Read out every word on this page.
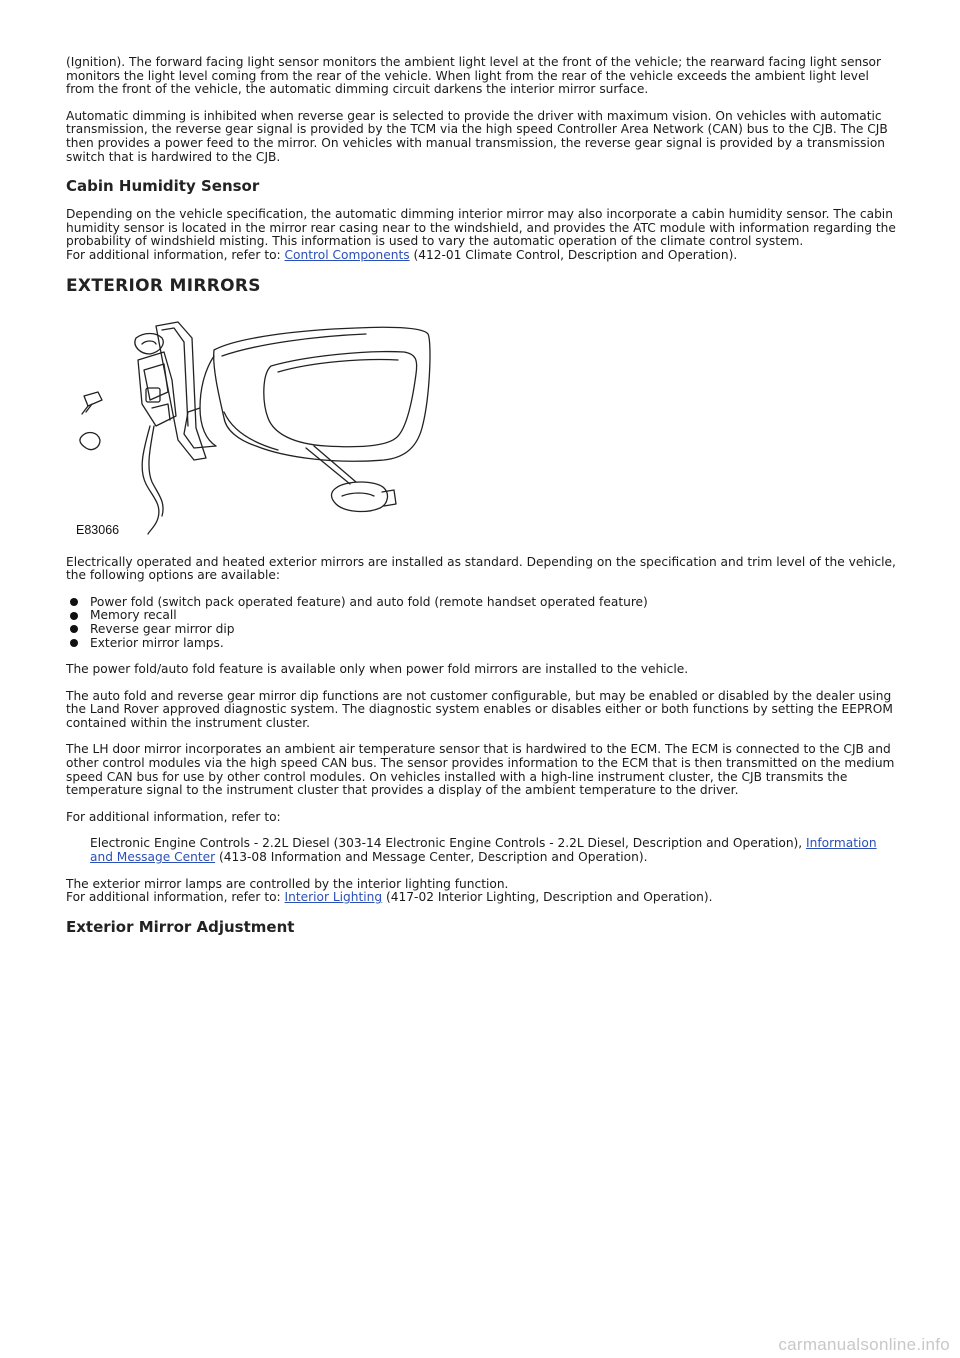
(Ignition). The forward facing light sensor monitors the ambient light level at the front of the vehicle; the rearward facing light sensor monitors the light level coming from the rear of the vehicle. When light from the rear of the vehicle exceeds the ambient light level from the front of the vehicle, the automatic dimming circuit darkens the interior mirror surface.

Automatic dimming is inhibited when reverse gear is selected to provide the driver with maximum vision. On vehicles with automatic transmission, the reverse gear signal is provided by the TCM via the high speed Controller Area Network (CAN) bus to the CJB. The CJB then provides a power feed to the mirror. On vehicles with manual transmission, the reverse gear signal is provided by a transmission switch that is hardwired to the CJB.

Cabin Humidity Sensor

Depending on the vehicle specification, the automatic dimming interior mirror may also incorporate a cabin humidity sensor. The cabin humidity sensor is located in the mirror rear casing near to the windshield, and provides the ATC module with information regarding the probability of windshield misting. This information is used to vary the automatic operation of the climate control system.
For additional information, refer to: Control Components (412-01 Climate Control, Description and Operation).

EXTERIOR MIRRORS
E83066

Electrically operated and heated exterior mirrors are installed as standard. Depending on the specification and trim level of the vehicle, the following options are available:

Power fold (switch pack operated feature) and auto fold (remote handset operated feature)
Memory recall
Reverse gear mirror dip
Exterior mirror lamps.

The power fold/auto fold feature is available only when power fold mirrors are installed to the vehicle.

The auto fold and reverse gear mirror dip functions are not customer configurable, but may be enabled or disabled by the dealer using the Land Rover approved diagnostic system. The diagnostic system enables or disables either or both functions by setting the EEPROM contained within the instrument cluster.

The LH door mirror incorporates an ambient air temperature sensor that is hardwired to the ECM. The ECM is connected to the CJB and other control modules via the high speed CAN bus. The sensor provides information to the ECM that is then transmitted on the medium speed CAN bus for use by other control modules. On vehicles installed with a high-line instrument cluster, the CJB transmits the temperature signal to the instrument cluster that provides a display of the ambient temperature to the driver.

For additional information, refer to:

Electronic Engine Controls - 2.2L Diesel (303-14 Electronic Engine Controls - 2.2L Diesel, Description and Operation), Information and Message Center (413-08 Information and Message Center, Description and Operation).

The exterior mirror lamps are controlled by the interior lighting function.
For additional information, refer to: Interior Lighting (417-02 Interior Lighting, Description and Operation).

Exterior Mirror Adjustment
carmanualsonline.info
